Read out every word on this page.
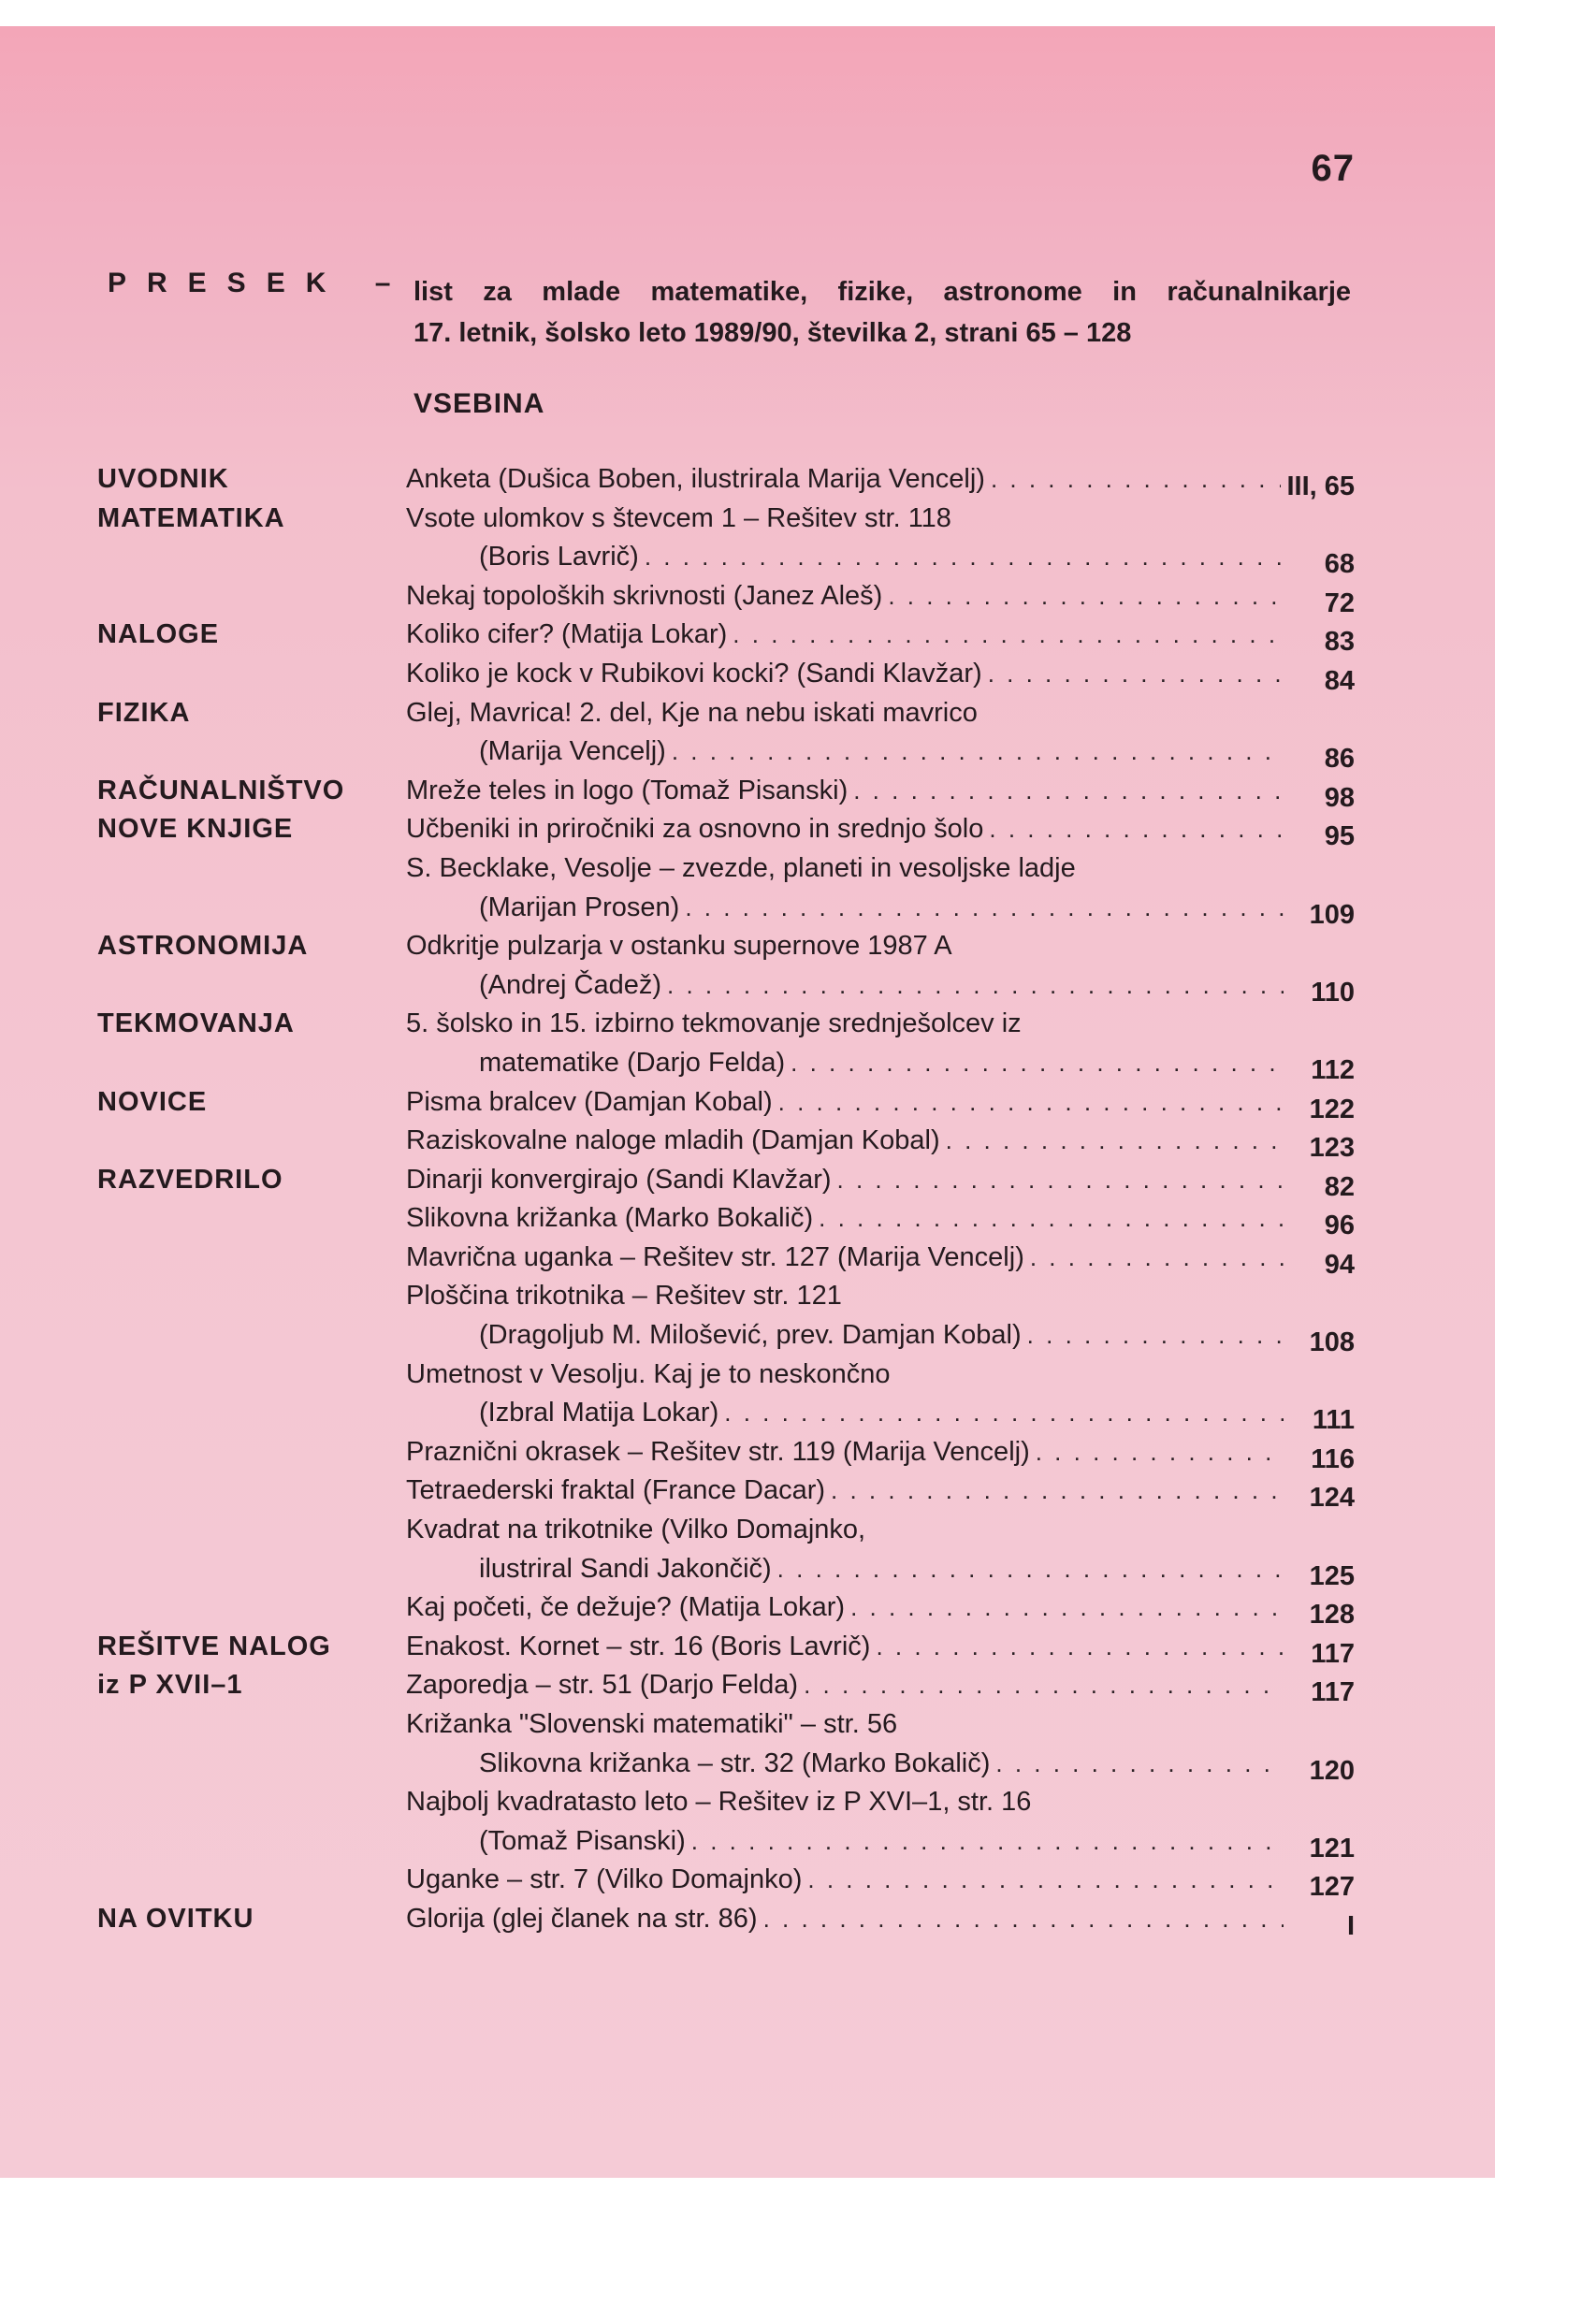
67
PRESEK – list za mlade matematike, fizike, astronome in računalnikarje
17. letnik, šolsko leto 1989/90, številka 2, strani 65 – 128
VSEBINA
UVODNIK	Anketa (Dušica Boben, ilustrirala Marija Vencelj) . . .	III, 65
MATEMATIKA	Vsote ulomkov s števcem 1 – Rešitev str. 118
(Boris Lavrič) . . .	68
Nekaj topoloških skrivnosti (Janez Aleš) . . .	72
NALOGE	Koliko cifer? (Matija Lokar) . . .	83
Koliko je kock v Rubikovi kocki? (Sandi Klavžar) . . .	84
FIZIKA	Glej, Mavrica! 2. del, Kje na nebu iskati mavrico
(Marija Vencelj) . . .	86
RAČUNALNIŠTVO Mreže teles in logo (Tomaž Pisanski) . . .	98
NOVE KNJIGE	Učbeniki in priročniki za osnovno in srednjo šolo . . .	95
S. Becklake, Vesolje – zvezde, planeti in vesoljske ladje
(Marijan Prosen) . . .	109
ASTRONOMIJA	Odkritje pulzarja v ostanku supernove 1987 A
(Andrej Čadež) . . .	110
TEKMOVANJA	5. šolsko in 15. izbirno tekmovanje srednješolcev iz
matematike (Darjo Felda) . . .	112
NOVICE	Pisma bralcev (Damjan Kobal) . . .	122
Raziskovalne naloge mladih (Damjan Kobal) . . .	123
RAZVEDRILO	Dinarji konvergirajo (Sandi Klavžar) . . .	82
Slikovna križanka (Marko Bokalič) . . .	96
Mavrična uganka – Rešitev str. 127 (Marija Vencelj) . . .	94
Ploščina trikotnika – Rešitev str. 121
(Dragoljub M. Milošević, prev. Damjan Kobal) . . .	108
Umetnost v Vesolju. Kaj je to neskončno
(Izbral Matija Lokar) . . .	111
Praznični okrasek – Rešitev str. 119 (Marija Vencelj) . . .	116
Tetraederski fraktal (France Dacar) . . .	124
Kvadrat na trikotnike (Vilko Domajnko,
ilustriral Sandi Jakončič) . . .	125
Kaj početi, če dežuje? (Matija Lokar) . . .	128
REŠITVE NALOG	Enakost. Kornet – str. 16 (Boris Lavrič) . . .	117
iz P XVII–1	Zaporedja – str. 51 (Darjo Felda) . . .	117
Križanka "Slovenski matematiki" – str. 56
Slikovna križanka – str. 32 (Marko Bokalič) . . .	120
Najbolj kvadratasto leto – Rešitev iz P XVI–1, str. 16
(Tomaž Pisanski) . . .	121
Uganke – str. 7 (Vilko Domajnko) . . .	127
NA OVITKU	Glorija (glej članek na str. 86) . . .	I
